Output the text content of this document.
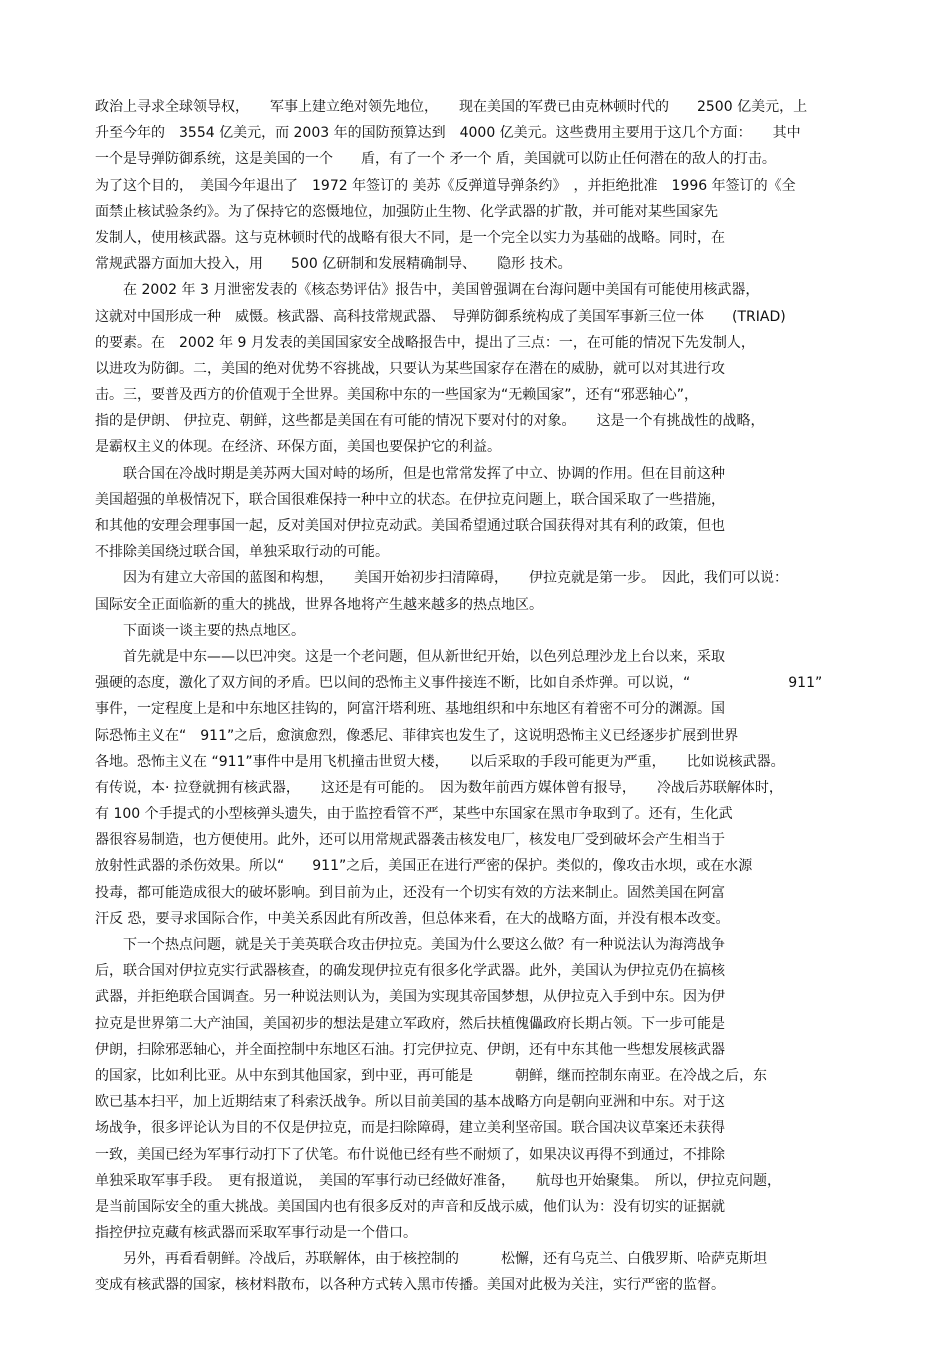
政治上寻求全球领导权，　　军事上建立绝对领先地位，　　现在美国的军费已由克林顿时代的　　2500 亿美元，上
升至今年的　3554 亿美元，而 2003 年的国防预算达到　4000 亿美元。这些费用主要用于这几个方面：　　其中
一个是导弹防御系统，这是美国的一个　　盾，有了一个 矛一个 盾，美国就可以防止任何潜在的敌人的打击。
为了这个目的，　美国今年退出了　1972 年签订的 美苏《反弹道导弹条约》　，并拒绝批准　1996 年签订的《全
面禁止核试验条约》。为了保持它的恣慑地位，加强防止生物、化学武器的扩散，并可能对某些国家先
发制人，使用核武器。这与克林顿时代的战略有很大不同，是一个完全以实力为基础的战略。同时，在
常规武器方面加大投入，用　　500 亿研制和发展精确制导、　　隐形 技术。
在 2002 年 3 月泄密发表的《核态势评估》报告中，美国曾强调在台海问题中美国有可能使用核武器，
这就对中国形成一种　威慑。核武器、高科技常规武器、　导弹防御系统构成了美国军事新三位一体　　(TRIAD)
的要素。在　2002 年 9 月发表的美国国家安全战略报告中，提出了三点：一，在可能的情况下先发制人，
以进攻为防御。二，美国的绝对优势不容挑战，只要认为某些国家存在潜在的威胁，就可以对其进行攻
击。三，要普及西方的价值观于全世界。美国称中东的一些国家为“无赖国家”，还有“邪恶轴心”，
指的是伊朗、 伊拉克、朝鲜，这些都是美国在有可能的情况下要对付的对象。　　这是一个有挑战性的战略，
是霸权主义的体现。在经济、环保方面，美国也要保护它的利益。
联合国在冷战时期是美苏两大国对峙的场所，但是也常常发挥了中立、协调的作用。但在目前这种
美国超强的单极情况下，联合国很难保持一种中立的状态。在伊拉克问题上，联合国采取了一些措施，
和其他的安理会理事国一起，反对美国对伊拉克动武。美国希望通过联合国获得对其有利的政策，但也
不排除美国绕过联合国，单独采取行动的可能。
因为有建立大帝国的蓝图和构想，　　美国开始初步扫清障碍，　　伊拉克就是第一步。　因此，我们可以说：
国际安全正面临新的重大的挑战，世界各地将产生越来越多的热点地区。
下面谈一谈主要的热点地区。
首先就是中东——以巴冲突。这是一个老问题，但从新世纪开始，以色列总理沙龙上台以来，采取
强硬的态度，激化了双方间的矛盾。巴以间的恐怖主义事件接连不断，比如自杀炸弹。可以说，“　　　　　　　911”
事件，一定程度上是和中东地区挂钩的，阿富汗塔利班、基地组织和中东地区有着密不可分的渊源。国
际恐怖主义在“　911”之后，愈演愈烈，像悉尼、菲律宾也发生了，这说明恐怖主义已经逐步扩展到世界
各地。恐怖主义在 “911”事件中是用飞机撞击世贸大楼，　　以后采取的手段可能更为严重，　　比如说核武器。
有传说，本· 拉登就拥有核武器，　　这还是有可能的。　因为数年前西方媒体曾有报导，　　冷战后苏联解体时，
有 100 个手提式的小型核弹头遗失，由于监控看管不严，某些中东国家在黑市争取到了。还有，生化武
器很容易制造，也方便使用。此外，还可以用常规武器袭击核发电厂，核发电厂受到破坏会产生相当于
放射性武器的杀伤效果。所以“　　911”之后，美国正在进行严密的保护。类似的，像攻击水坝，或在水源
投毒，都可能造成很大的破坏影响。到目前为止，还没有一个切实有效的方法来制止。固然美国在阿富
汗反 恐，要寻求国际合作，中美关系因此有所改善，但总体来看，在大的战略方面，并没有根本改变。
下一个热点问题，就是关于美英联合攻击伊拉克。美国为什么要这么做？有一种说法认为海湾战争
后，联合国对伊拉克实行武器核查，的确发现伊拉克有很多化学武器。此外，美国认为伊拉克仍在搞核
武器，并拒绝联合国调查。另一种说法则认为，美国为实现其帝国梦想，从伊拉克入手到中东。因为伊
拉克是世界第二大产油国，美国初步的想法是建立军政府，然后扶植傀儡政府长期占领。下一步可能是
伊朗，扫除邪恶轴心，并全面控制中东地区石油。打完伊拉克、伊朗，还有中东其他一些想发展核武器
的国家，比如利比亚。从中东到其他国家，到中亚，再可能是　　　朝鲜，继而控制东南亚。在冷战之后，东
欧已基本扫平，加上近期结束了科索沃战争。所以目前美国的基本战略方向是朝向亚洲和中东。对于这
场战争，很多评论认为目的不仅是伊拉克，而是扫除障碍，建立美利坚帝国。联合国决议草案还未获得
一致，美国已经为军事行动打下了伏笔。布什说他已经有些不耐烦了，如果决议再得不到通过，不排除
单独采取军事手段。　更有报道说，　美国的军事行动已经做好准备，　　航母也开始聚集。　所以，伊拉克问题，
是当前国际安全的重大挑战。美国国内也有很多反对的声音和反战示威，他们认为：没有切实的证据就
指控伊拉克藏有核武器而采取军事行动是一个借口。
另外，再看看朝鲜。冷战后，苏联解体，由于核控制的　　　松懈，还有乌克兰、白俄罗斯、哈萨克斯坦
变成有核武器的国家，核材料散布，以各种方式转入黑市传播。美国对此极为关注，实行严密的监督。
